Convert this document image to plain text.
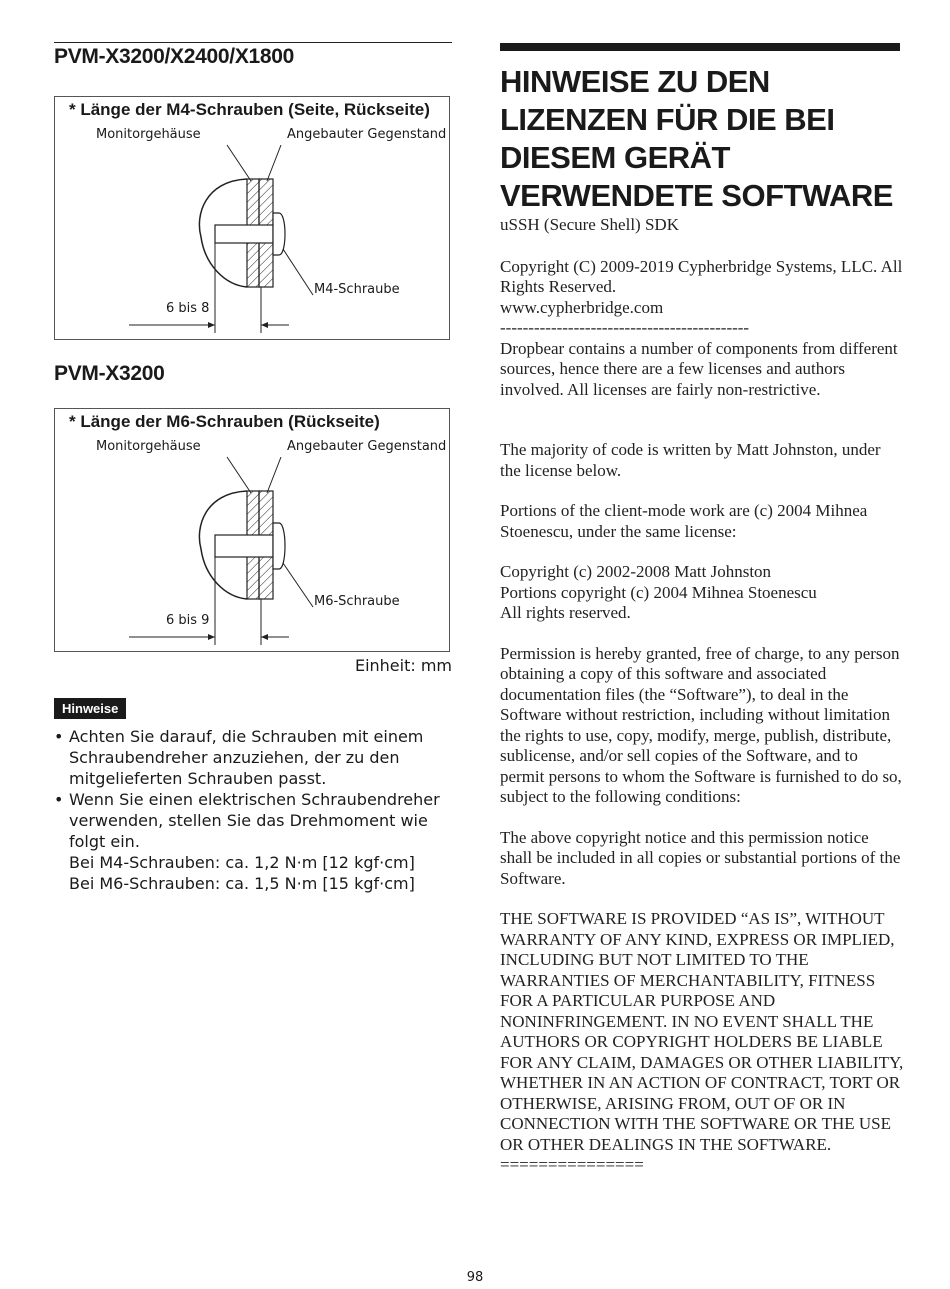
PVM-X3200/X2400/X1800
* Länge der M4-Schrauben (Seite, Rückseite)
Monitorgehäuse	Angebauter Gegenstand
M4-Schraube
6 bis 8
PVM-X3200
* Länge der M6-Schrauben (Rückseite)
Monitorgehäuse	Angebauter Gegenstand
M6-Schraube
6 bis 9
Einheit: mm
Hinweise
• Achten Sie darauf, die Schrauben mit einem Schraubendreher anzuziehen, der zu den mitgelieferten Schrauben passt.
• Wenn Sie einen elektrischen Schraubendreher verwenden, stellen Sie das Drehmoment wie folgt ein.
Bei M4-Schrauben: ca. 1,2 N·m [12 kgf·cm]
Bei M6-Schrauben: ca. 1,5 N·m [15 kgf·cm]
HINWEISE ZU DEN LIZENZEN FÜR DIE BEI DIESEM GERÄT VERWENDETE SOFTWARE

uSSH (Secure Shell) SDK

Copyright (C) 2009-2019 Cypherbridge Systems, LLC. All Rights Reserved.

www.cypherbridge.com

--------------------------------------------

Dropbear contains a number of components from different sources, hence there are a few licenses and authors involved. All licenses are fairly non-restrictive.

The majority of code is written by Matt Johnston, under the license below.

Portions of the client-mode work are (c) 2004 Mihnea Stoenescu, under the same license:

Copyright (c) 2002-2008 Matt Johnston

Portions copyright (c) 2004 Mihnea Stoenescu

All rights reserved.

Permission is hereby granted, free of charge, to any person obtaining a copy of this software and associated documentation files (the “Software”), to deal in the Software without restriction, including without limitation the rights to use, copy, modify, merge, publish, distribute, sublicense, and/or sell copies of the Software, and to permit persons to whom the Software is furnished to do so, subject to the following conditions:

The above copyright notice and this permission notice shall be included in all copies or substantial portions of the Software.

THE SOFTWARE IS PROVIDED “AS IS”, WITHOUT WARRANTY OF ANY KIND, EXPRESS OR IMPLIED, INCLUDING BUT NOT LIMITED TO THE WARRANTIES OF MERCHANTABILITY, FITNESS FOR A PARTICULAR PURPOSE AND NONINFRINGEMENT. IN NO EVENT SHALL THE AUTHORS OR COPYRIGHT HOLDERS BE LIABLE FOR ANY CLAIM, DAMAGES OR OTHER LIABILITY, WHETHER IN AN ACTION OF CONTRACT, TORT OR OTHERWISE, ARISING FROM, OUT OF OR IN CONNECTION WITH THE SOFTWARE OR THE USE OR OTHER DEALINGS IN THE SOFTWARE.

===============

98
